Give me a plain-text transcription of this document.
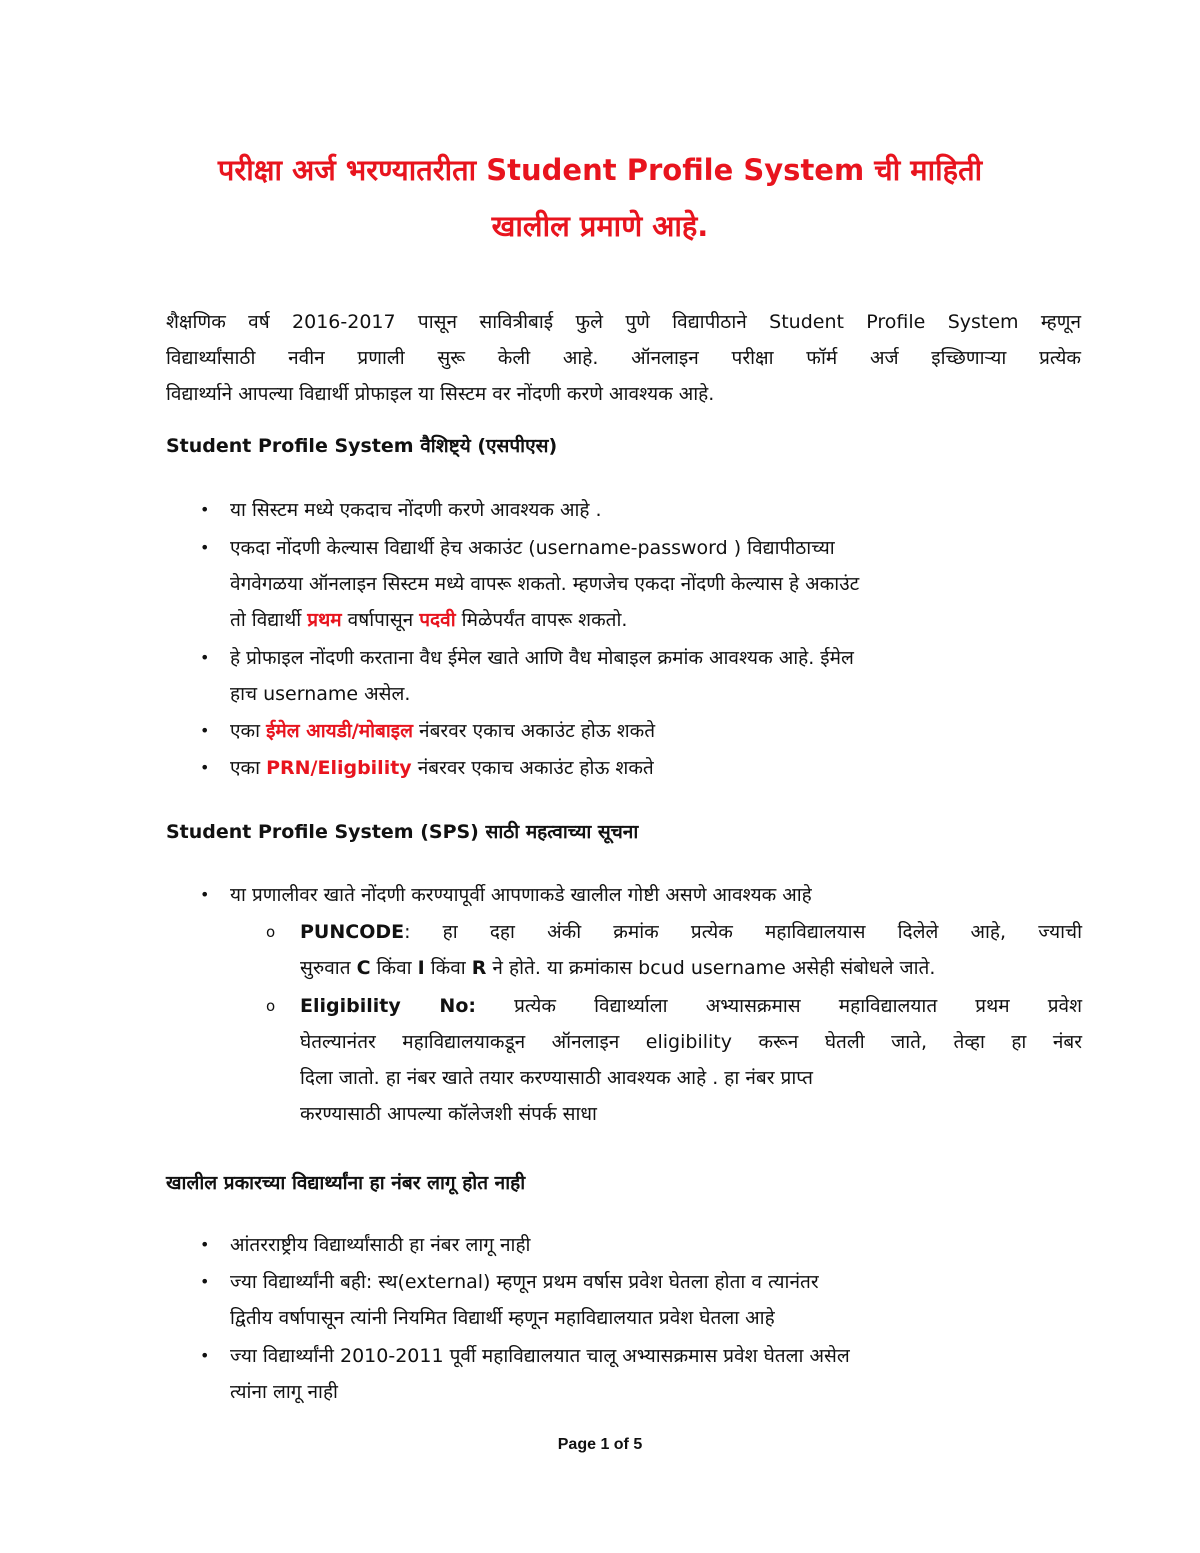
परीक्षा अर्ज भरण्यातरीता Student Profile System ची माहिती
खालील प्रमाणे आहे.
शैक्षणिक वर्ष 2016-2017 पासून सावित्रीबाई फुले पुणे विद्यापीठाने Student Profile System म्हणून
विद्यार्थ्यांसाठी नवीन प्रणाली सुरू केली आहे. ऑनलाइन परीक्षा फॉर्म अर्ज इच्छिणाऱ्या प्रत्येक
विद्यार्थ्याने आपल्या विद्यार्थी प्रोफाइल या सिस्टम वर नोंदणी करणे आवश्यक आहे.
Student Profile System वैशिष्ट्ये (एसपीएस)
• या सिस्टम मध्ये एकदाच नोंदणी करणे आवश्यक आहे .
• एकदा नोंदणी केल्यास विद्यार्थी हेच अकाउंट (username-password ) विद्यापीठाच्या
वेगवेगळया ऑनलाइन सिस्टम मध्ये वापरू शकतो. म्हणजेच एकदा नोंदणी केल्यास हे अकाउंट
तो विद्यार्थी प्रथम वर्षापासून पदवी मिळेपर्यंत वापरू शकतो.
• हे प्रोफाइल नोंदणी करताना वैध ईमेल खाते आणि वैध मोबाइल क्रमांक आवश्यक आहे. ईमेल
हाच username असेल.
• एका ईमेल आयडी/मोबाइल नंबरवर एकाच अकाउंट होऊ शकते
• एका PRN/Eligbility नंबरवर एकाच अकाउंट होऊ शकते
Student Profile System (SPS) साठी महत्वाच्या सूचना
• या प्रणालीवर खाते नोंदणी करण्यापूर्वी आपणाकडे खालील गोष्टी असणे आवश्यक आहे
o PUNCODE: हा दहा अंकी क्रमांक प्रत्येक महाविद्यालयास दिलेले आहे, ज्याची
सुरुवात C किंवा I किंवा R ने होते. या क्रमांकास bcud username असेही संबोधले जाते.
o Eligibility No: प्रत्येक विद्यार्थ्याला अभ्यासक्रमास महाविद्यालयात प्रथम प्रवेश
घेतल्यानंतर महाविद्यालयाकडून ऑनलाइन eligibility करून घेतली जाते, तेव्हा हा नंबर
दिला जातो. हा नंबर खाते तयार करण्यासाठी आवश्यक आहे . हा नंबर प्राप्त
करण्यासाठी आपल्या कॉलेजशी संपर्क साधा
खालील प्रकारच्या विद्यार्थ्यांना हा नंबर लागू होत नाही
• आंतरराष्ट्रीय विद्यार्थ्यांसाठी हा नंबर लागू नाही
• ज्या विद्यार्थ्यांनी बही: स्थ(external) म्हणून प्रथम वर्षास प्रवेश घेतला होता व त्यानंतर
द्वितीय वर्षापासून त्यांनी नियमित विद्यार्थी म्हणून महाविद्यालयात प्रवेश घेतला आहे
• ज्या विद्यार्थ्यांनी 2010-2011 पूर्वी महाविद्यालयात चालू अभ्यासक्रमास प्रवेश घेतला असेल
त्यांना लागू नाही
Page 1 of 5
